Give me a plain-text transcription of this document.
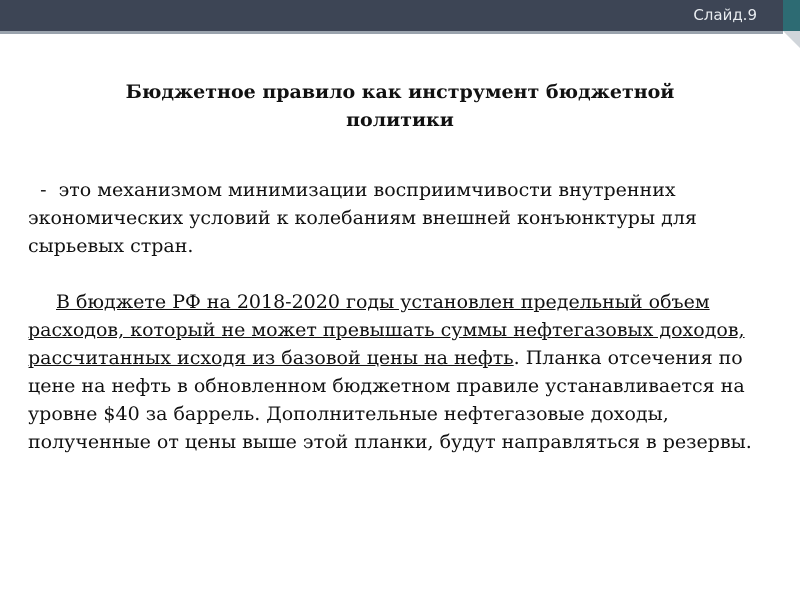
Слайд.9
Бюджетное правило как инструмент бюджетной
политики

-  это механизмом минимизации восприимчивости внутренних экономических условий к колебаниям внешней конъюнктуры для сырьевых стран.

В бюджете РФ на 2018-2020 годы установлен предельный объем расходов, который не может превышать суммы нефтегазовых доходов, рассчитанных исходя из базовой цены на нефть. Планка отсечения по цене на нефть в обновленном бюджетном правиле устанавливается на уровне $40 за баррель. Дополнительные нефтегазовые доходы, полученные от цены выше этой планки, будут направляться в резервы.
